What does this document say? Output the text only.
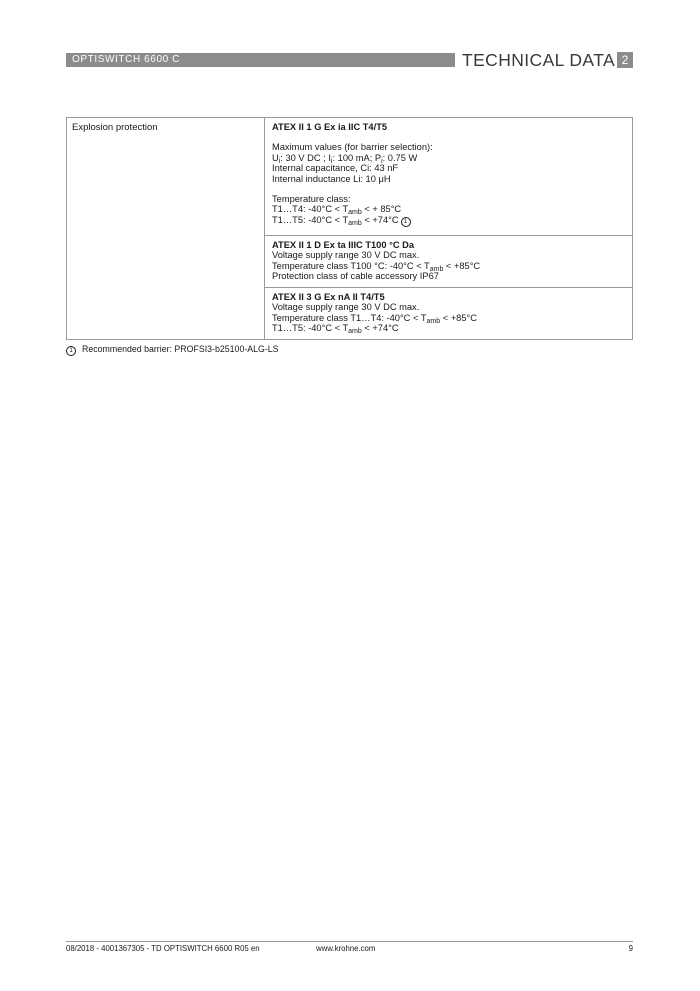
OPTISWITCH 6600 C	TECHNICAL DATA 2
Explosion protection	ATEX II 1 G Ex ia IIC T4/T5
Maximum values (for barrier selection):
$U_i$: 30 V DC ; $I_i$: 100 mA; $P_i$: 0.75 W
Internal capacitance, Ci: 43 nF
Internal inductance Li: 10 μH
Temperature class:
T1…T4: $-40^\circ C < T_{amb}$ < + 85°C
T1…T5: $-40^\circ C < T_{amb} < +74^\circ C$ 1
ATEX II 1 D Ex ta IIIC T100 °C Da
Voltage supply range 30 V DC max.
Temperature class T100 °C: $-40^\circ C < T_{amb} < +85^\circ C$
Protection class of cable accessory IP67
ATEX II 3 G Ex nA II T4/T5
Voltage supply range 30 V DC max.
Temperature class T1…T4: $-40^\circ C < T_{amb} < +85^\circ C$
T1…T5: $-40^\circ C < T_{amb} < +74^\circ C$
1 Recommended barrier: PROFSI3-b25100-ALG-LS
08/2018 - 4001367305 - TD OPTISWITCH 6600 R05 en	www.krohne.com	9
